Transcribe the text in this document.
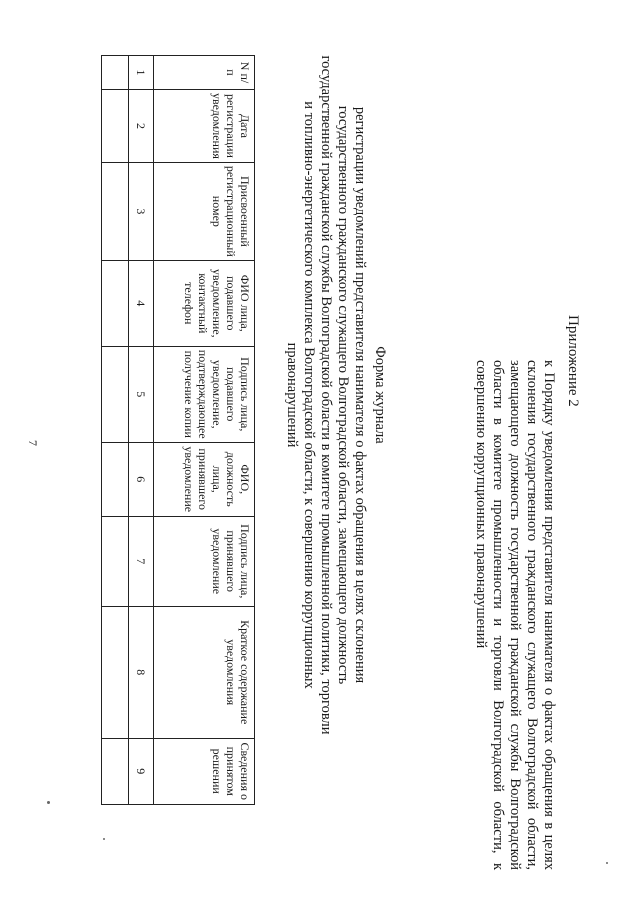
7
Приложение 2
к Порядку уведомления представителя нанимателя о фактах обращения в целях склонения государственного гражданского служащего Волгоградской области, замещающего должность государственной гражданской службы Волгоградской области в комитете промышленности и торговли Волгоградской области, к совершению коррупционных правонарушений
Форма журнала
регистрации уведомлений представителя нанимателя о фактах обращения в целях склонения государственного гражданского служащего Волгоградской области, замещающего должность государственной гражданской службы Волгоградской области в комитете промышленной политики, торговли и топливно-энергетического комплекса Волгоградской области, к совершению коррупционных правонарушений
N п/п	Дата регистрации уведомления	Присвоенный регистрационный номер	ФИО лица, подавшего уведомление, контактный телефон	Подпись лица, подавшего уведомление, подтверждающее получение копии	ФИО, должность лица, принявшего уведомление	Подпись лица, принявшего уведомление	Краткое содержание уведомления	Сведения о принятом решении
1	2	3	4	5	6	7	8	9
